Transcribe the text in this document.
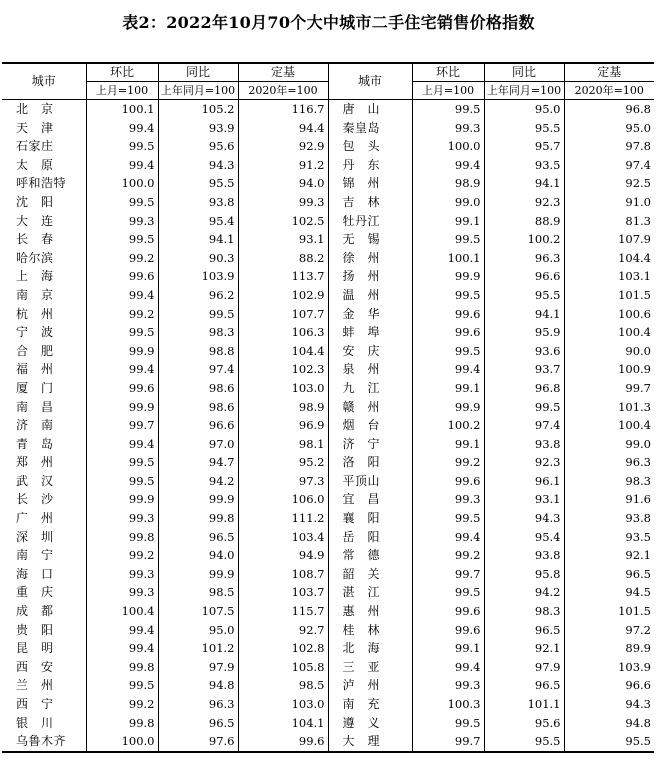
表2：2022年10月70个大中城市二手住宅销售价格指数
城市	环比	同比	定基	城市	环比	同比	定基
	上月=100	上年同月=100	2020年=100		上月=100	上年同月=100	2020年=100
北　京	100.1	105.2	116.7	唐　山	99.5	95.0	96.8
天　津	99.4	93.9	94.4	秦皇岛	99.3	95.5	95.0
石家庄	99.5	95.6	92.9	包　头	100.0	95.7	97.8
太　原	99.4	94.3	91.2	丹　东	99.4	93.5	97.4
呼和浩特	100.0	95.5	94.0	锦　州	98.9	94.1	92.5
沈　阳	99.5	93.8	99.3	吉　林	99.0	92.3	91.0
大　连	99.3	95.4	102.5	牡丹江	99.1	88.9	81.3
长　春	99.5	94.1	93.1	无　锡	99.5	100.2	107.9
哈尔滨	99.2	90.3	88.2	徐　州	100.1	96.3	104.4
上　海	99.6	103.9	113.7	扬　州	99.9	96.6	103.1
南　京	99.4	96.2	102.9	温　州	99.5	95.5	101.5
杭　州	99.2	99.5	107.7	金　华	99.6	94.1	100.6
宁　波	99.5	98.3	106.3	蚌　埠	99.6	95.9	100.4
合　肥	99.9	98.8	104.4	安　庆	99.5	93.6	90.0
福　州	99.4	97.4	102.3	泉　州	99.4	93.7	100.9
厦　门	99.6	98.6	103.0	九　江	99.1	96.8	99.7
南　昌	99.9	98.6	98.9	赣　州	99.9	99.5	101.3
济　南	99.7	96.6	96.9	烟　台	100.2	97.4	100.4
青　岛	99.4	97.0	98.1	济　宁	99.1	93.8	99.0
郑　州	99.5	94.7	95.2	洛　阳	99.2	92.3	96.3
武　汉	99.5	94.2	97.3	平顶山	99.6	96.1	98.3
长　沙	99.9	99.9	106.0	宜　昌	99.3	93.1	91.6
广　州	99.3	99.8	111.2	襄　阳	99.5	94.3	93.8
深　圳	99.8	96.5	103.4	岳　阳	99.4	95.4	93.5
南　宁	99.2	94.0	94.9	常　德	99.2	93.8	92.1
海　口	99.3	99.9	108.7	韶　关	99.7	95.8	96.5
重　庆	99.3	98.5	103.7	湛　江	99.5	94.2	94.5
成　都	100.4	107.5	115.7	惠　州	99.6	98.3	101.5
贵　阳	99.4	95.0	92.7	桂　林	99.6	96.5	97.2
昆　明	99.4	101.2	102.8	北　海	99.1	92.1	89.9
西　安	99.8	97.9	105.8	三　亚	99.4	97.9	103.9
兰　州	99.5	94.8	98.5	泸　州	99.3	96.5	96.6
西　宁	99.2	96.3	103.0	南　充	100.3	101.1	94.3
银　川	99.8	96.5	104.1	遵　义	99.5	95.6	94.8
乌鲁木齐	100.0	97.6	99.6	大　理	99.7	95.5	95.5
